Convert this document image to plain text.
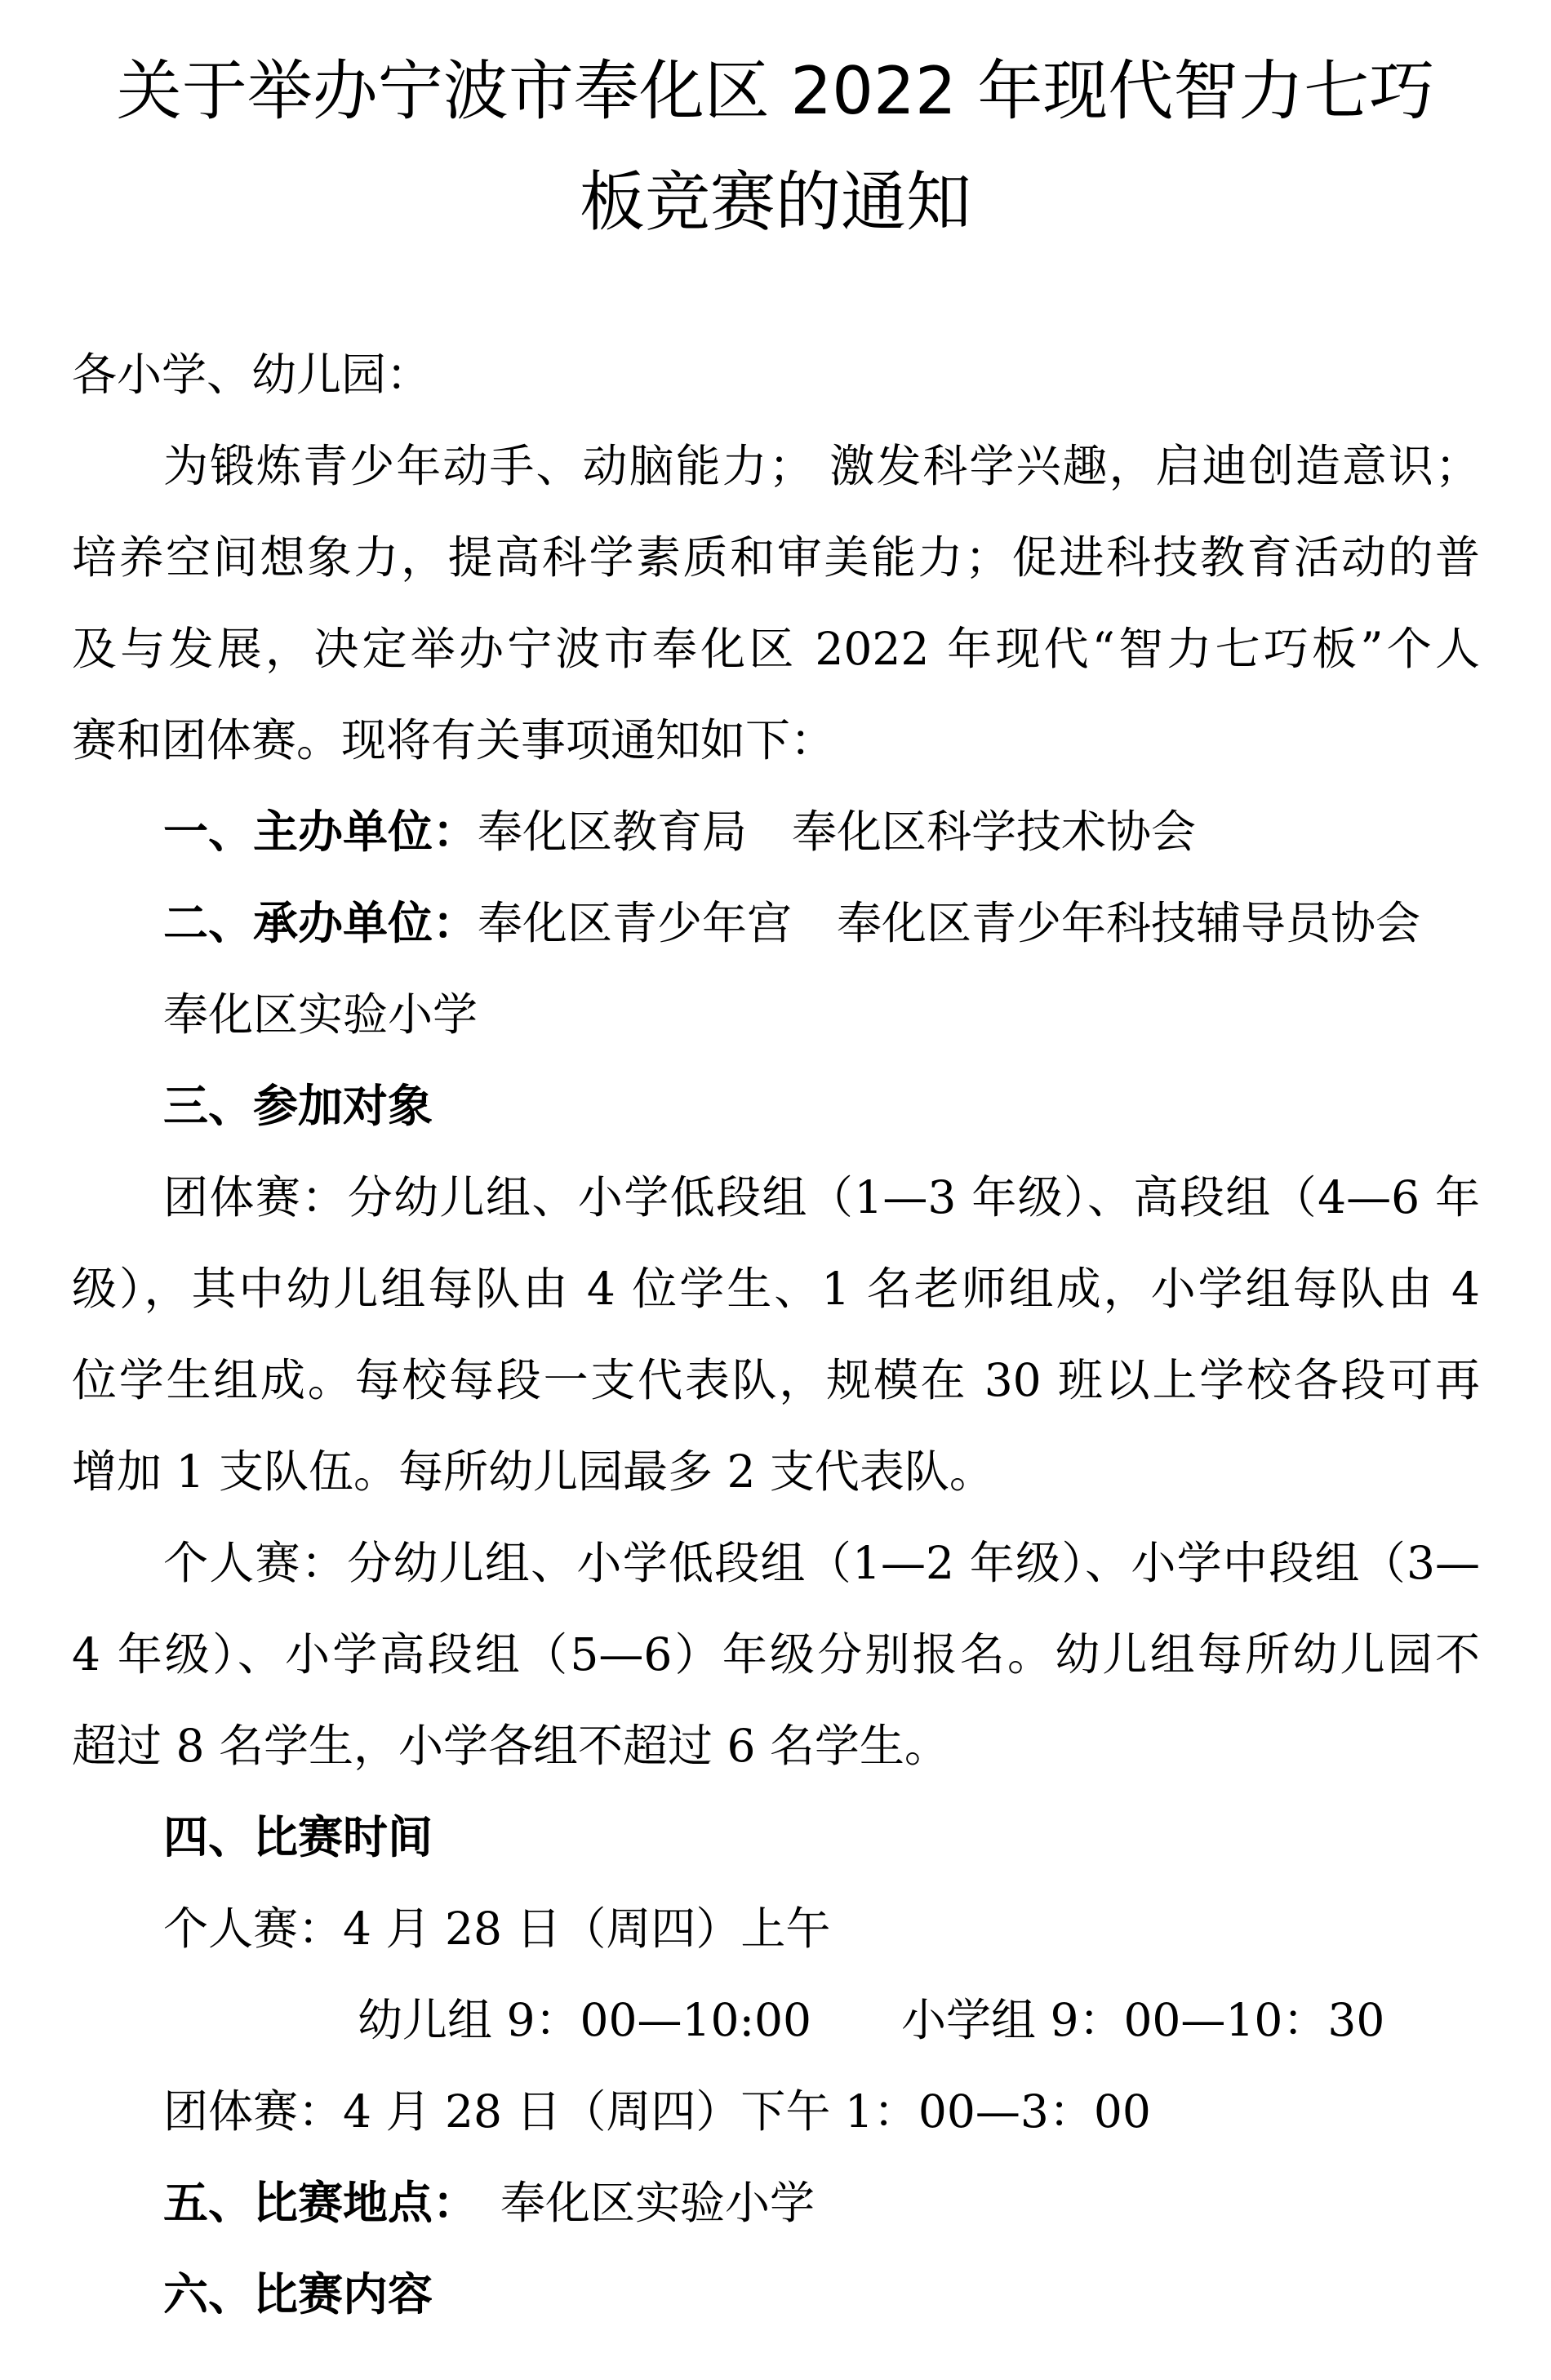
关于举办宁波市奉化区 2022 年现代智力七巧
板竞赛的通知
各小学、幼儿园：
为锻炼青少年动手、动脑能力； 激发科学兴趣，启迪创造意识；
培养空间想象力，提高科学素质和审美能力；促进科技教育活动的普
及与发展，决定举办宁波市奉化区 2022 年现代“智力七巧板”个人
赛和团体赛。现将有关事项通知如下：
一、主办单位：奉化区教育局　奉化区科学技术协会
二、承办单位：奉化区青少年宫　奉化区青少年科技辅导员协会
奉化区实验小学
三、参加对象
团体赛：分幼儿组、小学低段组（1—3 年级）、高段组（4—6 年
级），其中幼儿组每队由 4 位学生、1 名老师组成，小学组每队由 4
位学生组成。每校每段一支代表队，规模在 30 班以上学校各段可再
增加 1 支队伍。每所幼儿园最多 2 支代表队。
个人赛：分幼儿组、小学低段组（1—2 年级）、小学中段组（3—
4 年级）、小学高段组（5—6）年级分别报名。幼儿组每所幼儿园不
超过 8 名学生，小学各组不超过 6 名学生。
四、比赛时间
个人赛：4 月 28 日（周四）上午
幼儿组 9：00—10:00　　小学组 9：00—10：30
团体赛：4 月 28 日（周四）下午 1：00—3：00
五、比赛地点： 奉化区实验小学
六、比赛内容
